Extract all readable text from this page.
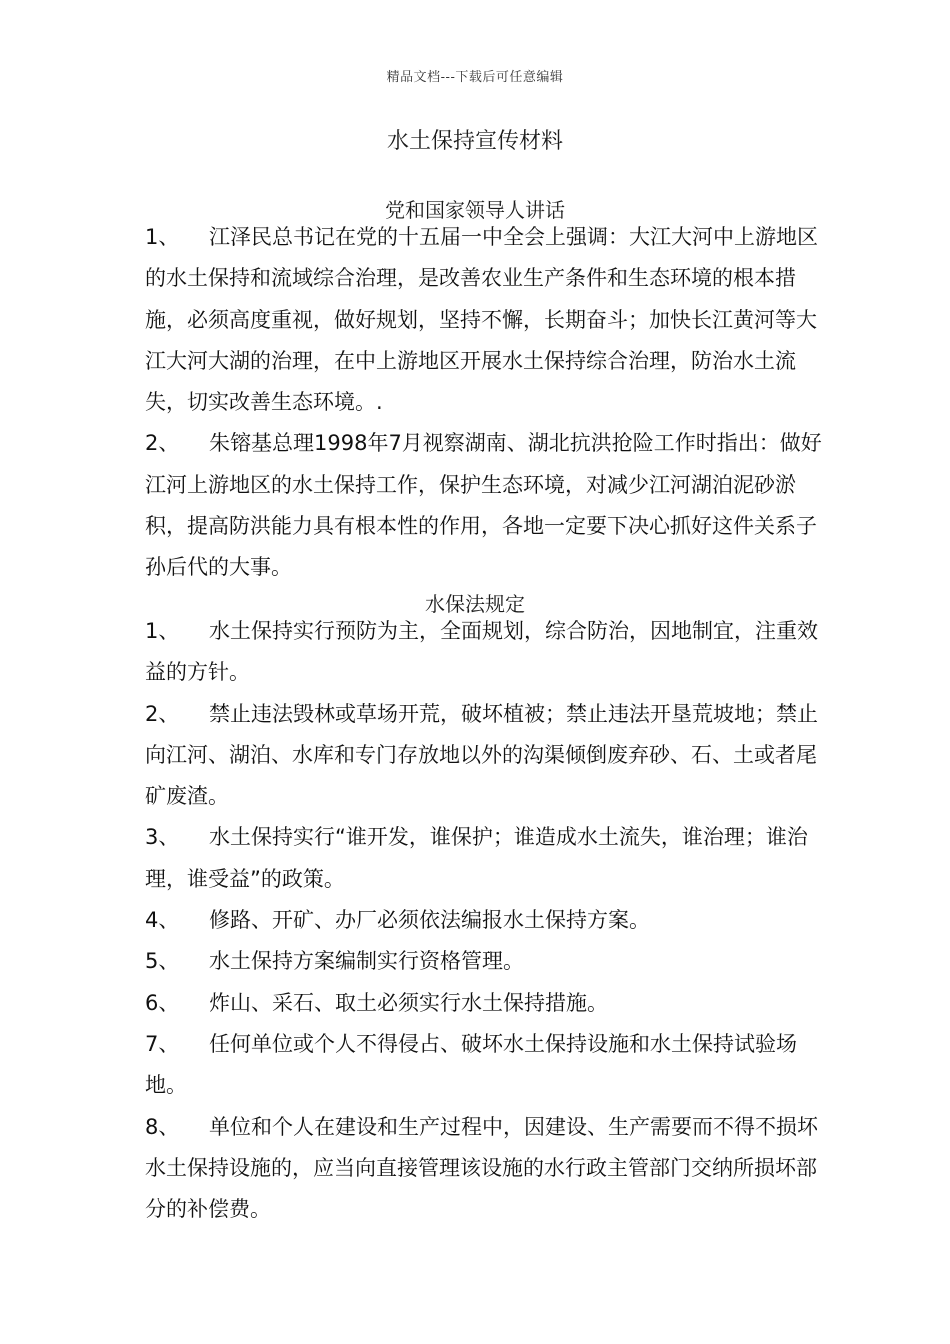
精品文档---下载后可任意编辑
水土保持宣传材料
党和国家领导人讲话
1、 江泽民总书记在党的十五届一中全会上强调：大江大河中上游地区的水土保持和流域综合治理，是改善农业生产条件和生态环境的根本措施，必须高度重视，做好规划，坚持不懈，长期奋斗；加快长江黄河等大江大河大湖的治理，在中上游地区开展水土保持综合治理，防治水土流失，切实改善生态环境。.
2、 朱镕基总理1998年7月视察湖南、湖北抗洪抢险工作时指出：做好江河上游地区的水土保持工作，保护生态环境，对减少江河湖泊泥砂淤积，提高防洪能力具有根本性的作用，各地一定要下决心抓好这件关系子孙后代的大事。
水保法规定
1、 水土保持实行预防为主，全面规划，综合防治，因地制宜，注重效益的方针。
2、 禁止违法毁林或草场开荒，破坏植被；禁止违法开垦荒坡地；禁止向江河、湖泊、水库和专门存放地以外的沟渠倾倒废弃砂、石、土或者尾矿废渣。
3、 水土保持实行“谁开发，谁保护；谁造成水土流失，谁治理；谁治理，谁受益”的政策。
4、 修路、开矿、办厂必须依法编报水土保持方案。
5、 水土保持方案编制实行资格管理。
6、 炸山、采石、取土必须实行水土保持措施。
7、 任何单位或个人不得侵占、破坏水土保持设施和水土保持试验场地。
8、 单位和个人在建设和生产过程中，因建设、生产需要而不得不损坏水土保持设施的，应当向直接管理该设施的水行政主管部门交纳所损坏部分的补偿费。
